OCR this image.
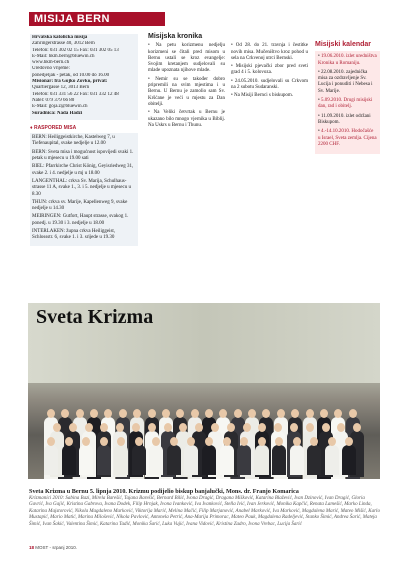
MISIJA BERN
Hrvatska katolička misija
Zähringerstrasse 40, 3012 Bern
Telefon: 031 302 02 15 Fax: 031 302 05 13
E-Mail: hkm.bern@bluewin.ch
www.hkm-bern.ch
Uredovno vrijeme:
ponedjeljak - petak, od 10.00 do 16.00
Misionar: fra Gojko Zovko, privat:
Quartiergasse 12, 3013 Bern
Telefon: 031 331 56 22 Fax: 031 332 12 48
Natel: 079 379 66 80
E-Mail: goja.z@bluewin.ch
Suradnica: Nada Hadzi
♦ RASPORED MISA

BERN: Heiliggeistkirche, Kastelweg 7, u Tiefenaupital, svake nedjelje u 12.00

BERN: Sveta misa i mogućnost ispovijedi svaki 1. petak u mjesecu u 19.00 sati

BIEL: Pfarrkirche Christ König, Geyisriedweg 31, svake 2. i 4. nedjelje u mj u 18.00

LANGENTHAL: crkva Sv. Marija, Schulhaus-strasse 11 A, svake 1., 3. i 5. nedjelje u mjesecu u 8.30

THUN: crkva sv. Marije, Kapellenweg 9, svake nedjelje u 14.30

MEIRINGEN: Gutfort, Haupt strasse, svakog 1. ponedj. u 19.30 i 3. nedjelje u 18.00

INTERLAKEN: župna crkva Heiliggeist, Schlossstr. 6, svake 1. i 3. srijede u 19.30

Misijska kronika

• Na petu korizmenu nedjelju korizmeni se čitali pred misom u Bernu ustali se kroz evangelje: Svojim kretanjem sudjelovali su mlade upoznata njihove mlade.

• Nemir su se također dobro pripremili na svim mjestima i u Bernu. U Bernu je zamolio sam Sv. Kršćane je veći u mjestu za Dan obitelji.

• Na Veliki četvrtak u Bernu je ukazano bilo mnogo vjernika u Biblij. Na Uskrs u Bernu i Thunu.

• Od 28. do 21. travnja i čestitke novih misa. Mučeništvo kroz pohod u sela na Crkvenoj utrci Bernski.

• Misijski pjevački zbor pred sveti grad 4 i 5. kolovoza.

• 24.05.2010. sudjelovali su Crkvom na 2 subotu Sudaranski.

• Na Misiji Bernci s biskupom.

Misijski kalendar

• 19.06.2010. izlet uredništva Kronika u Romaniju.

• 22.08.2010. zajednička misa za ozdravljenje Sv. Lucija i ponuditi i Nebesa i Sv. Marije.

• 5.09.2010. Drugi misijski dan, rad i obitelj.

• 11.09.2010. izlet održani Biskupom.

• 4.-14.10.2010. Hodočašće u Israel, Sveta zemlja. Cijena 2200 CHF.

Sveta Krizma
Sveta Krizma u Bernu 5. lipnja 2010. Krizmu podijelio biskup banjalučki, Mons. dr. Franjo Komarica
Krizmanici 2010: Sabina Bazi, Mirela Barešić, Tajana Barešić, Bernard Bilić, Ivona Dragić, Dragana Mišković, Katarina Blažević, Ivan Dzinović, Ivan Dragić, Gloria Gavrić, Iva Gajić, Kristina Gabrova, Ivana Dodek, Filip Hrnjak, Ivona Ivanković, Iva Ivanković, Stella Ivić, Ivan Jerković, Monika Kapčić, Renata Lamešić, Marko Linda, Katarina Majstorović, Nikola Magdaleno Marković, Viktorija Marić, Melina Mačić, Filip Marjanović, Anabel Marković, Iva Marković, Magdalena Marić, Mateo Mišić, Karlo Mustapić, Mario Matić, Marina Milošević, Nikola Pavlović, Antonela Petrić, Ana-Marija Primorac, Mateo Pauk, Magdalena Radeljević, Stanko Šimić, Andrea Šarić, Mateja Šimić, Ivan Šakić, Valentina Šimić, Katarina Tadić, Monika Šarić, Luka Vujić, Ivana Vidović, Kristina Zadro, Ivona Vrebac, Lucija Šarić
18 MOST - srpanj 2010.
